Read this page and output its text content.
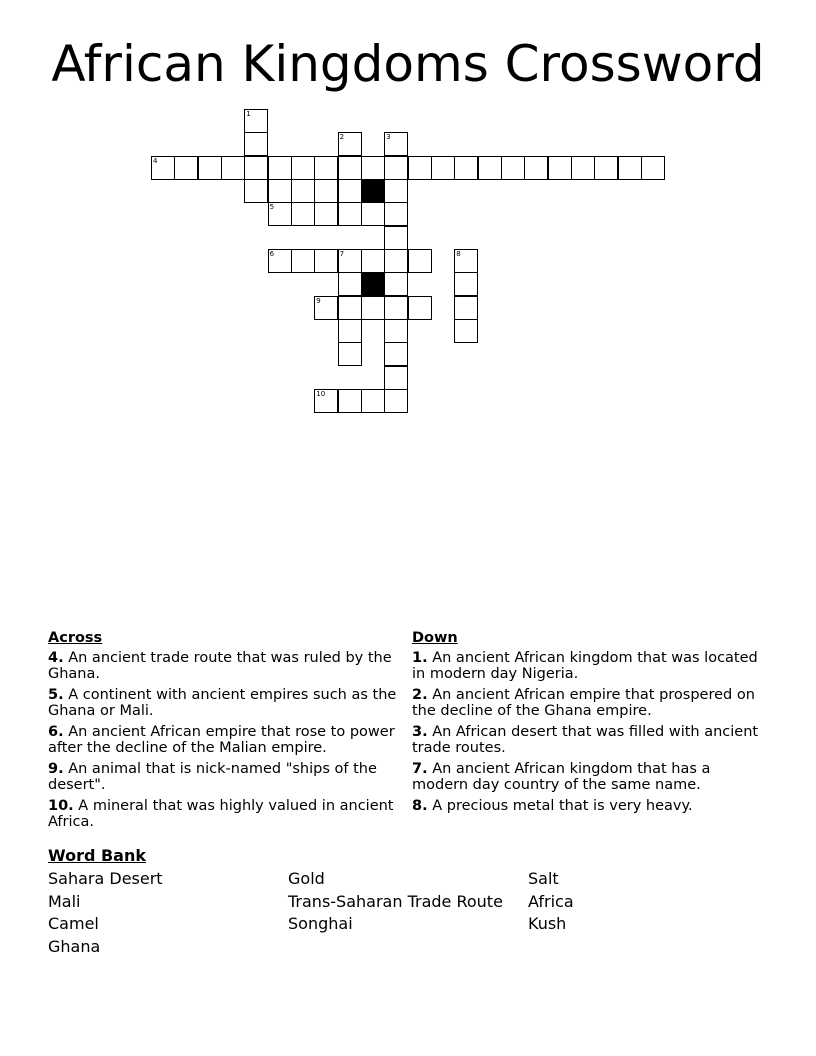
African Kingdoms Crossword
1
2	3
4
5
6	7	8
9
10
Across
4. An ancient trade route that was ruled by the Ghana.
5. A continent with ancient empires such as the Ghana or Mali.
6. An ancient African empire that rose to power after the decline of the Malian empire.
9. An animal that is nick-named "ships of the desert".
10. A mineral that was highly valued in ancient Africa.
Down
1. An ancient African kingdom that was located in modern day Nigeria.
2. An ancient African empire that prospered on the decline of the Ghana empire.
3. An African desert that was filled with ancient trade routes.
7. An ancient African kingdom that has a modern day country of the same name.
8. A precious metal that is very heavy.
Word Bank
Sahara Desert
Mali
Camel
Ghana
Gold
Trans-Saharan Trade Route
Songhai
Salt
Africa
Kush
